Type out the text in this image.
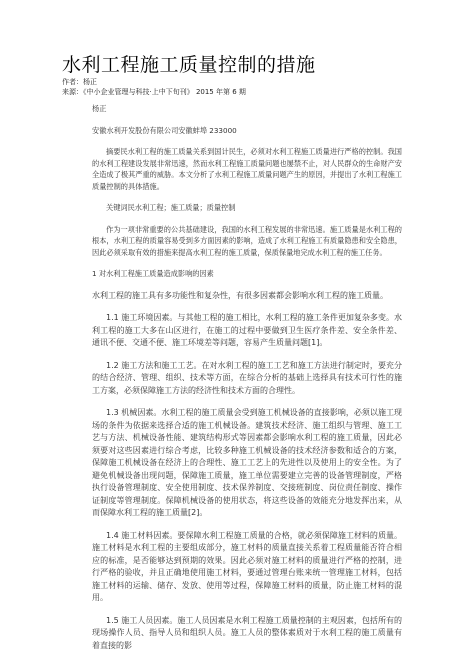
水利工程施工质量控制的措施
作者：杨正
来源：《中小企业管理与科技·上中下旬刊》 2015 年第 6 期

杨正

安徽水利开发股份有限公司安徽蚌埠 233000

摘要民水利工程的施工质量关系到国计民生，必须对水利工程施工质量进行严格的控制。我国的水利工程建设发展非常迅速，然而水利工程施工质量问题也屡禁不止，对人民群众的生命财产安全造成了极其严重的威胁。本文分析了水利工程施工质量问题产生的原因，并提出了水利工程施工质量控制的具体措施。

关键词民水利工程；施工质量；质量控制

作为一项非常重要的公共基础建设，我国的水利工程发展的非常迅速。施工质量是水利工程的根本，水利工程的质量容易受到多方面因素的影响，造成了水利工程施工有质量隐患和安全隐患，因此必须采取有效的措施来提高水利工程的施工质量，保质保量地完成水利工程的施工任务。

1 对水利工程施工质量造成影响的因素

水利工程的施工具有多功能性和复杂性，有很多因素都会影响水利工程的施工质量。

1.1 施工环境因素。与其他工程的施工相比，水利工程的施工条件更加复杂多变。水利工程的施工大多在山区进行，在施工的过程中要做到卫生医疗条件差、安全条件差、通讯不便、交通不便、施工环境差等问题，容易产生质量问题[1]。

1.2 施工方法和施工工艺。在对水利工程的施工工艺和施工方法进行制定时，要充分的结合经济、管理、组织、技术等方面，在综合分析的基础上选择具有技术可行性的施工方案，必须保障施工方法的经济性和技术方面的合理性。

1.3 机械因素。水利工程的施工质量会受到施工机械设备的直接影响，必须以施工现场的条件为依据来选择合适的施工机械设备。建筑技术经济、施工组织与管理、施工工艺与方法、机械设备性能、建筑结构形式等因素都会影响水利工程的施工质量，因此必须要对这些因素进行综合考虑，比较多种施工机械设备的技术经济参数和适合的方案，保障施工机械设备在经济上的合理性、施工工艺上的先进性以及使用上的安全性。为了避免机械设备出现问题，保障施工质量，施工单位需要建立完善的设备管理制度，严格执行设备管理制度、安全使用制度、技术保养制度、交接班制度、岗位责任制度、操作证制度等管理制度。保障机械设备的使用状态，将这些设备的效能充分地发挥出来，从而保障水利工程的施工质量[2]。

1.4 施工材料因素。要保障水利工程施工质量的合格，就必须保障施工材料的质量。施工材料是水利工程的主要组成部分，施工材料的质量直接关系着工程质量能否符合相应的标准，是否能够达到预期的效果。因此必须对施工材料的质量进行严格的控制，进行严格的验收，并且正确地使用施工材料，要通过管理台账来统一管理施工材料，包括施工材料的运输、储存、发放、使用等过程，保障施工材料的质量，防止施工材料的混用。

1.5 施工人员因素。施工人员因素是水利工程施工质量控制的主观因素，包括所有的现场操作人员、指导人员和组织人员。施工人员的整体素质对于水利工程的施工质量有着直接的影
